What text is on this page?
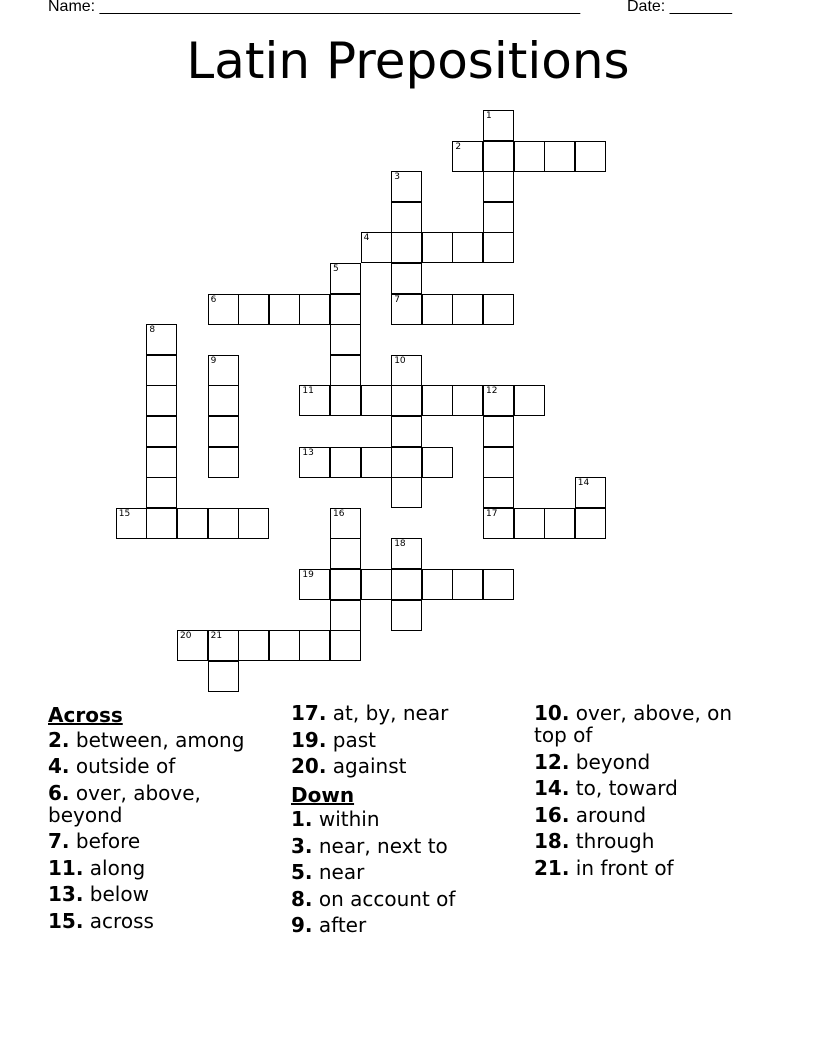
Name: ______________________________________________________	Date: _______
Latin Prepositions
1
2
3
4
5
6	7
8
9	10
11	12
13
14
15	16	17
18
19
20 21
Across
2. between, among
4. outside of
6. over, above, beyond
7. before
11. along
13. below
15. across
17. at, by, near
19. past
20. against
Down
1. within
3. near, next to
5. near
8. on account of
9. after
10. over, above, on top of
12. beyond
14. to, toward
16. around
18. through
21. in front of
